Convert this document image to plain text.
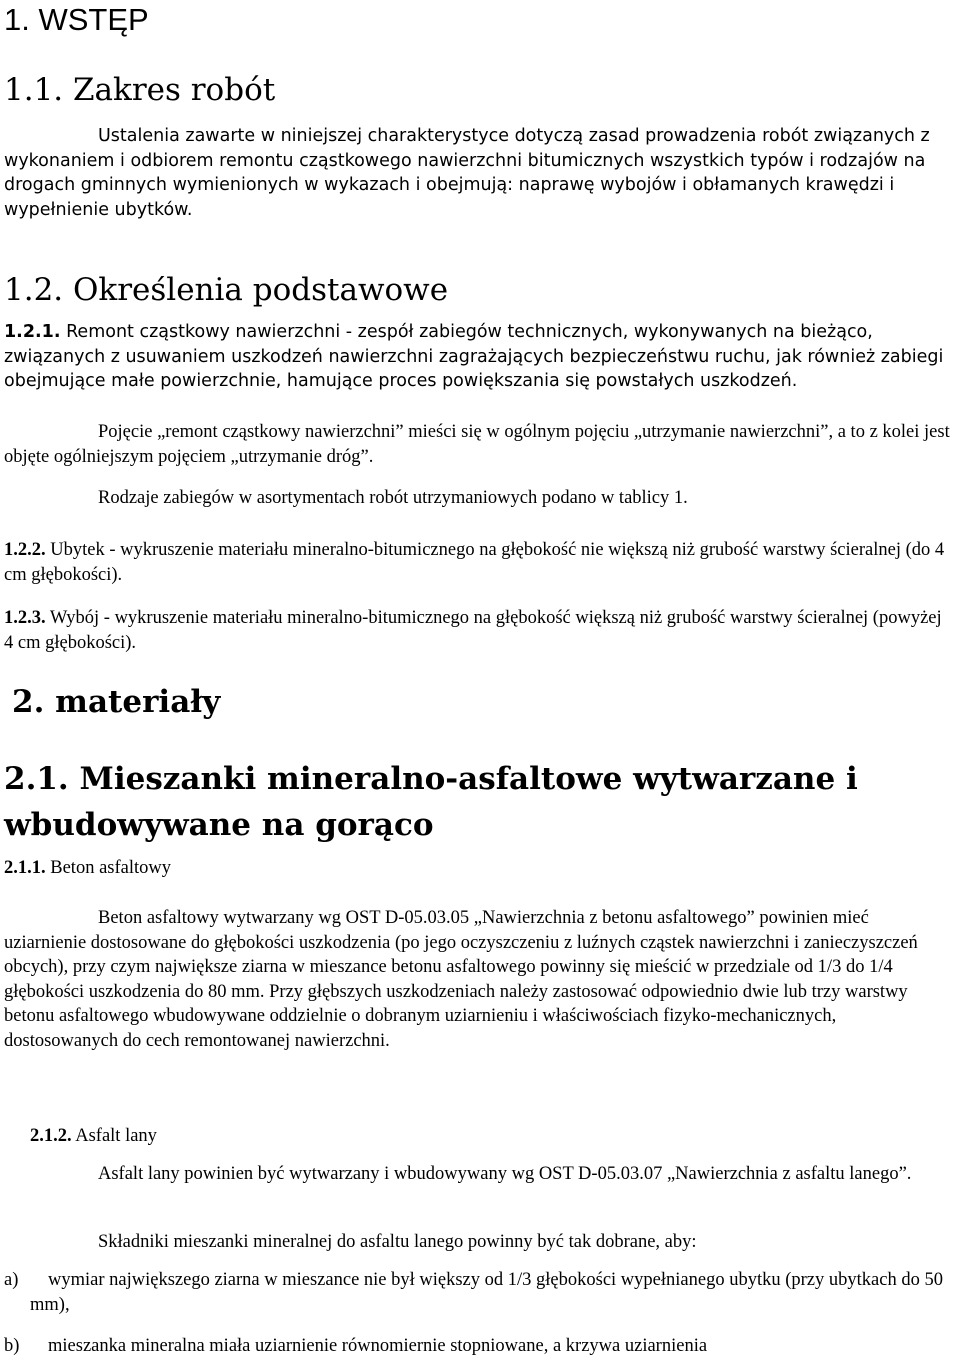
1. WSTĘP
1.1. Zakres robót

Ustalenia zawarte w niniejszej charakterystyce dotyczą zasad prowadzenia robót związanych z wykonaniem i odbiorem remontu cząstkowego nawierzchni bitumicznych wszystkich typów i rodzajów na drogach gminnych wymienionych w wykazach i obejmują: naprawę wybojów i obłamanych krawędzi i wypełnienie ubytków.

1.2. Określenia podstawowe

1.2.1. Remont cząstkowy nawierzchni - zespół zabiegów technicznych, wykonywanych na bieżąco, związanych z usuwaniem uszkodzeń nawierzchni zagrażających bezpieczeństwu ruchu, jak również zabiegi obejmujące małe powierzchnie, hamujące proces powiększania się powstałych uszkodzeń.

Pojęcie „remont cząstkowy nawierzchni” mieści się w ogólnym pojęciu „utrzymanie nawierzchni”, a to z kolei jest objęte ogólniejszym pojęciem „utrzymanie dróg”.

Rodzaje zabiegów w asortymentach robót utrzymaniowych podano w tablicy 1.

1.2.2. Ubytek - wykruszenie materiału mineralno-bitumicznego na głębokość nie większą niż grubość warstwy ścieralnej (do 4 cm głębokości).

1.2.3. Wybój - wykruszenie materiału mineralno-bitumicznego na głębokość większą niż grubość warstwy ścieralnej (powyżej 4 cm głębokości).

2. materiały
2.1. Mieszanki mineralno-asfaltowe wytwarzane i wbudowywane na gorąco

2.1.1. Beton asfaltowy

Beton asfaltowy wytwarzany wg OST D-05.03.05 „Nawierzchnia z betonu asfaltowego” powinien mieć uziarnienie dostosowane do głębokości uszkodzenia (po jego oczyszczeniu z luźnych cząstek nawierzchni i zanieczyszczeń obcych), przy czym największe ziarna w mieszance betonu asfaltowego powinny się mieścić w przedziale od 1/3 do 1/4 głębokości uszkodzenia do 80 mm. Przy głębszych uszkodzeniach należy zastosować odpowiednio dwie lub trzy warstwy betonu asfaltowego wbudowywane oddzielnie o dobranym uziarnieniu i właściwościach fizyko-mechanicznych, dostosowanych do cech remontowanej nawierzchni.

2.1.2. Asfalt lany

Asfalt lany powinien być wytwarzany i wbudowywany wg OST D-05.03.07 „Nawierzchnia z asfaltu lanego”.

Składniki mieszanki mineralnej do asfaltu lanego powinny być tak dobrane, aby:

a) wymiar największego ziarna w mieszance nie był większy od 1/3 głębokości wypełnianego ubytku (przy ubytkach do 50 mm),

b) mieszanka mineralna miała uziarnienie równomiernie stopniowane, a krzywa uziarnienia
